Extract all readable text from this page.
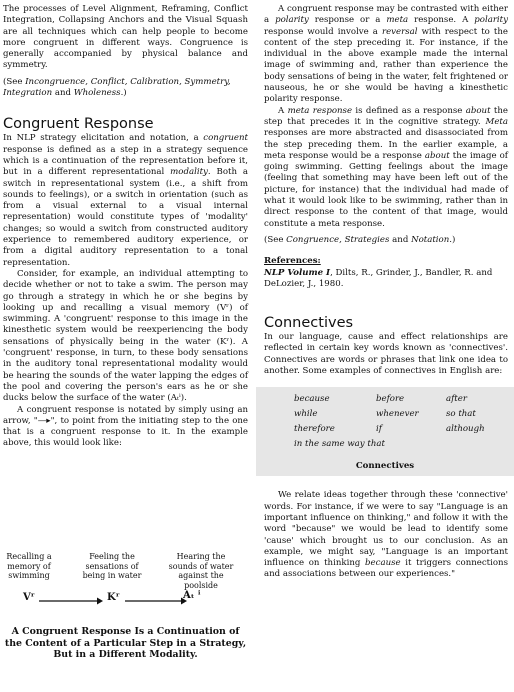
The processes of Level Alignment, Reframing, Conflict Integration, Collapsing Anchors and the Visual Squash are all techniques which can help people to become more congruent in different ways. Congruence is generally accompanied by physical balance and symmetry.

(See Incongruence, Conflict, Calibration, Symmetry, Integration and Wholeness.)

Congruent Response

In NLP strategy elicitation and notation, a congruent response is defined as a step in a strategy sequence which is a continuation of the representation before it, but in a different representational modality. Both a switch in representational system (i.e., a shift from sounds to feelings), or a switch in orientation (such as from a visual external to a visual internal representation) would constitute types of 'modality' changes; so would a switch from constructed auditory experience to remembered auditory experience, or from a digital auditory representation to a tonal representation.

Consider, for example, an individual attempting to decide whether or not to take a swim. The person may go through a strategy in which he or she begins by looking up and recalling a visual memory (Vʳ) of swimming. A 'congruent' response to this image in the kinesthetic system would be reexperiencing the body sensations of physically being in the water (Kʳ). A 'congruent' response, in turn, to these body sensations in the auditory tonal representational modality would be hearing the sounds of the water lapping the edges of the pool and covering the person's ears as he or she ducks below the surface of the water (Aₜⁱ).

A congruent response is notated by simply using an arrow, "—▸", to point from the initiating step to the one that is a congruent response to it. In the example above, this would look like:

Recalling a memory of swimming
Feeling the sensations of being in water
Hearing the sounds of water against the poolside
Vʳ	Kʳ	Aₜ ⁱ
A Congruent Response Is a Continuation of the Content of a Particular Step in a Strategy, But in a Different Modality.

A congruent response may be contrasted with either a polarity response or a meta response. A polarity response would involve a reversal with respect to the content of the step preceding it. For instance, if the individual in the above example made the internal image of swimming and, rather than experience the body sensations of being in the water, felt frightened or nauseous, he or she would be having a kinesthetic polarity response.

A meta response is defined as a response about the step that precedes it in the cognitive strategy. Meta responses are more abstracted and disassociated from the step preceding them. In the earlier example, a meta response would be a response about the image of going swimming. Getting feelings about the image (feeling that something may have been left out of the picture, for instance) that the individual had made of what it would look like to be swimming, rather than in direct response to the content of that image, would constitute a meta response.

(See Congruence, Strategies and Notation.)

References:

NLP Volume I, Dilts, R., Grinder, J., Bandler, R. and DeLozier, J., 1980.

Connectives

In our language, cause and effect relationships are reflected in certain key words known as 'connectives'. Connectives are words or phrases that link one idea to another. Some examples of connectives in English are:

because	before	after
while	whenever	so that
therefore	if	although
in the same way that
Connectives

We relate ideas together through these 'connective' words. For instance, if we were to say "Language is an important influence on thinking," and follow it with the word "because" we would be lead to identify some 'cause' which brought us to our conclusion. As an example, we might say, "Language is an important influence on thinking because it triggers connections and associations between our experiences."
